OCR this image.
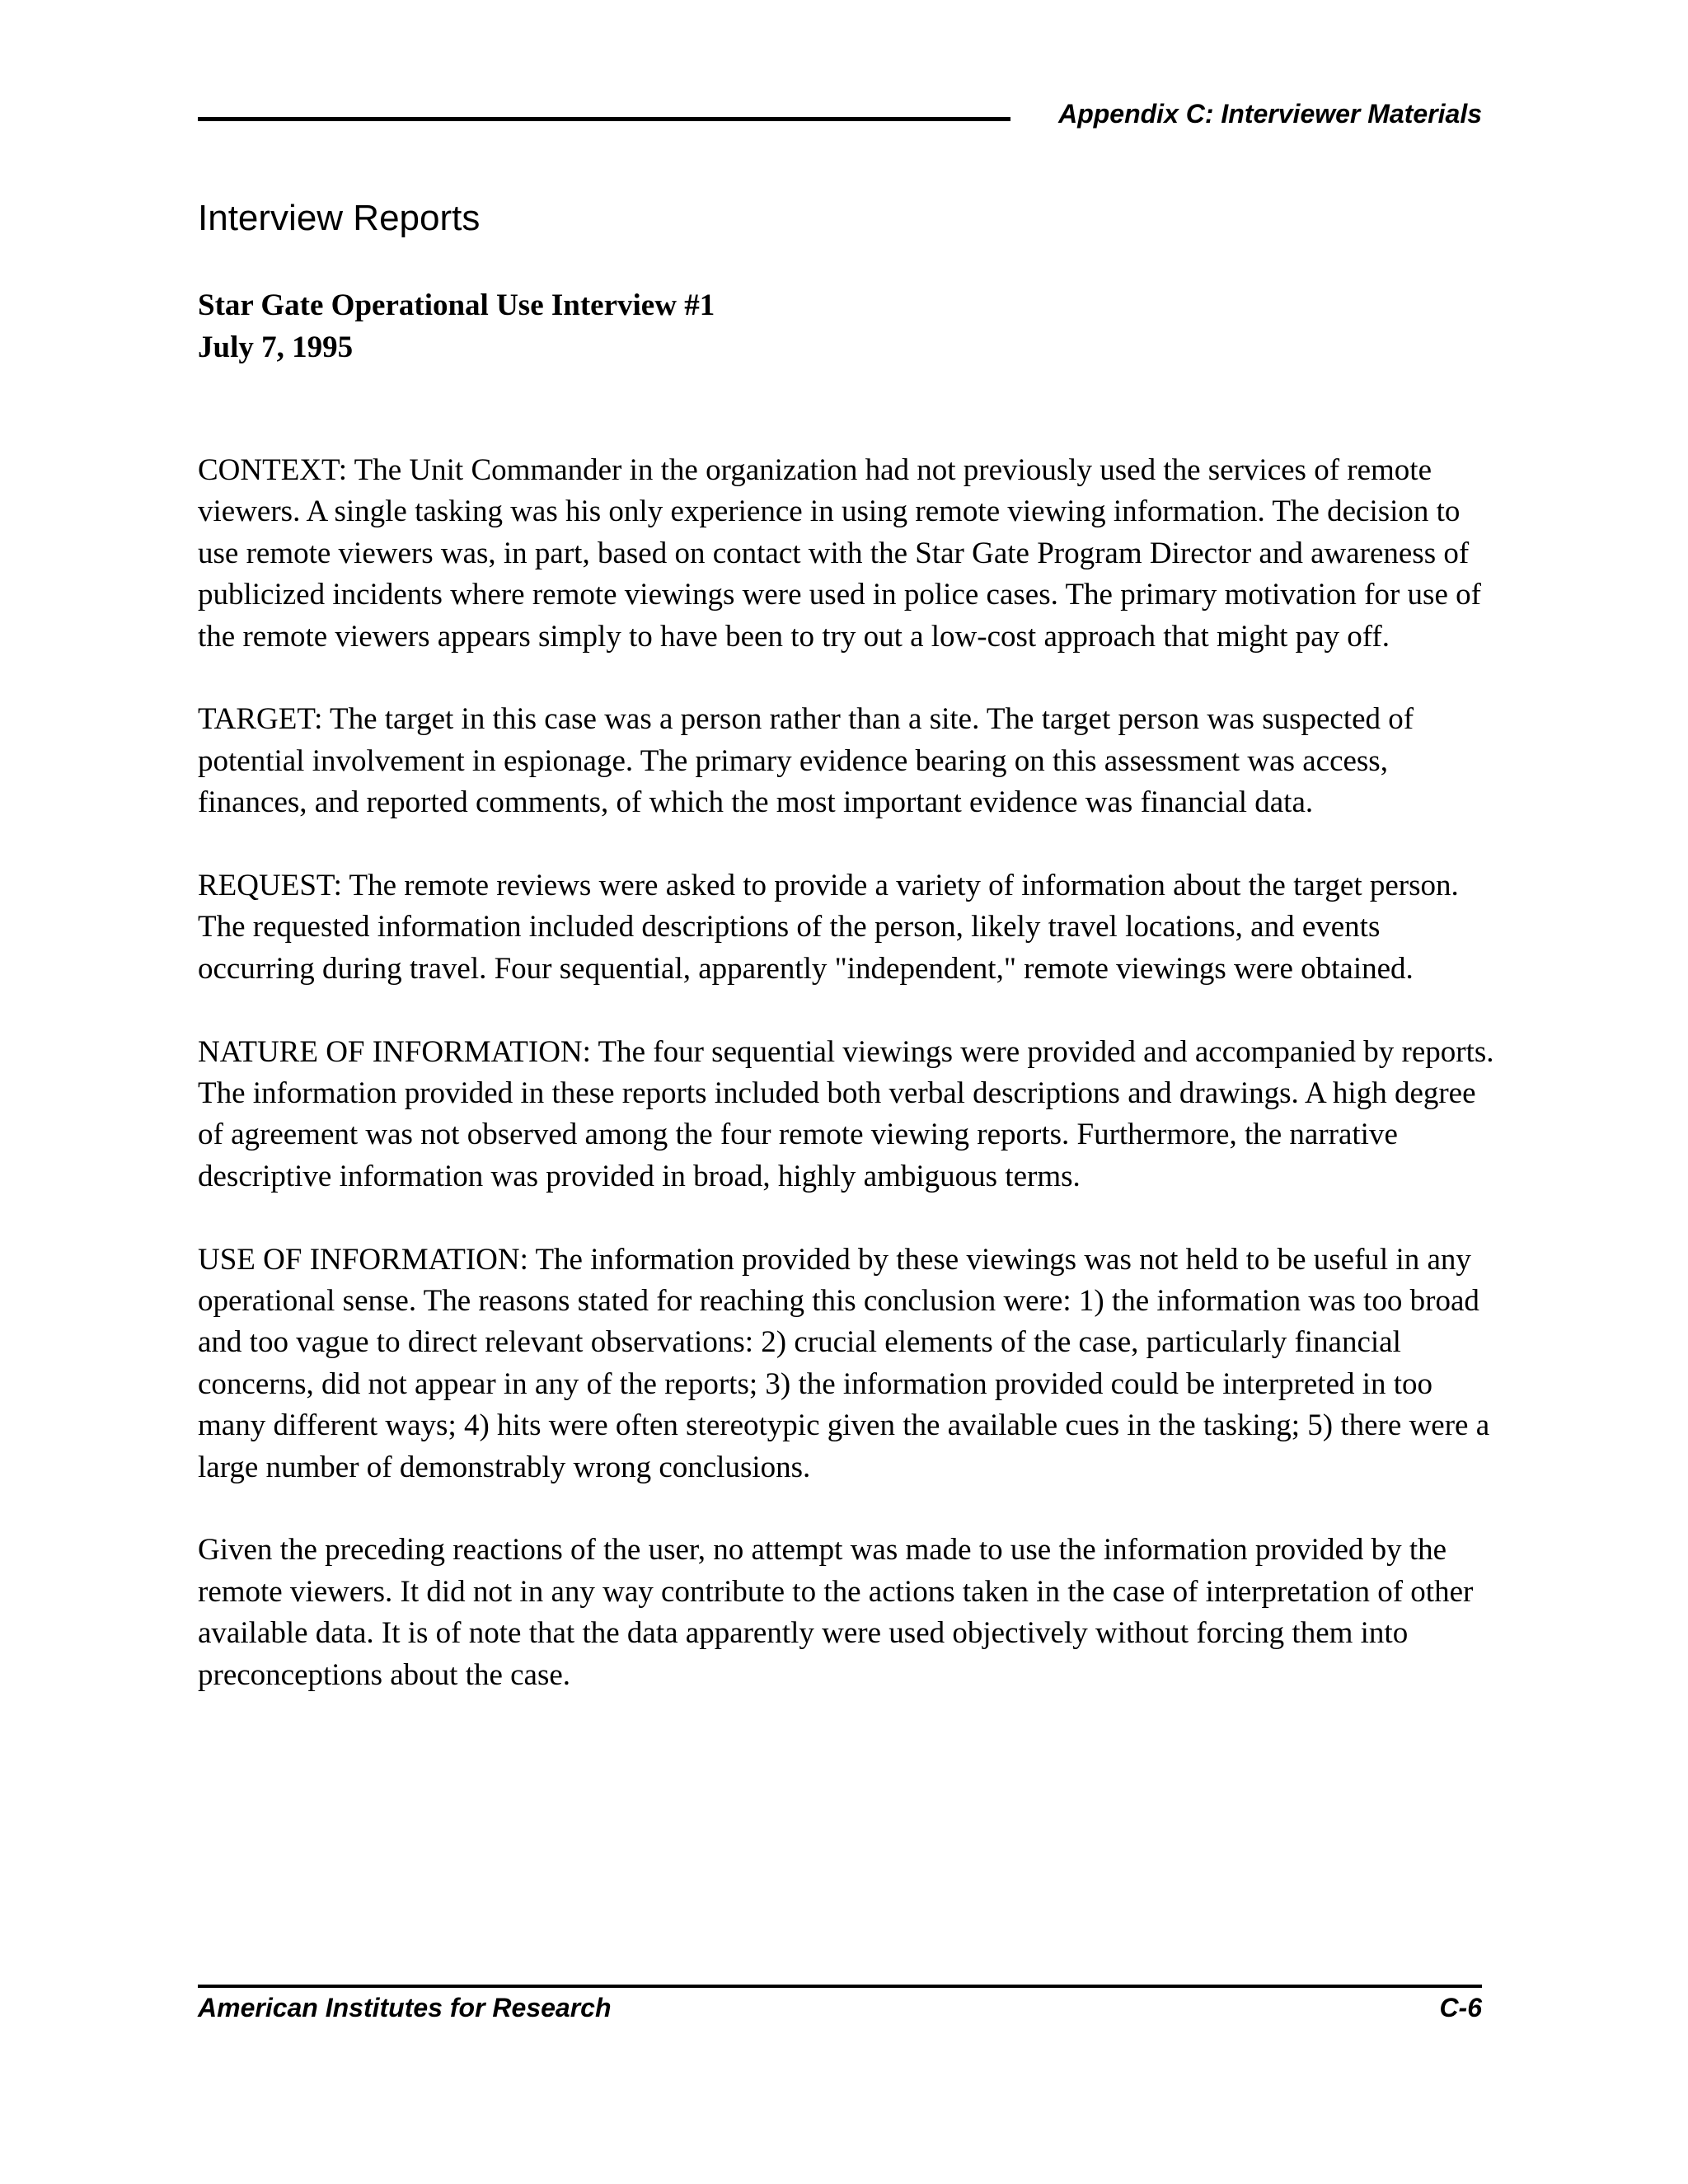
Appendix C: Interviewer Materials
Interview Reports
Star Gate Operational Use Interview #1
July 7, 1995

CONTEXT: The Unit Commander in the organization had not previously used the services of remote viewers. A single tasking was his only experience in using remote viewing information. The decision to use remote viewers was, in part, based on contact with the Star Gate Program Director and awareness of publicized incidents where remote viewings were used in police cases. The primary motivation for use of the remote viewers appears simply to have been to try out a low-cost approach that might pay off.

TARGET: The target in this case was a person rather than a site. The target person was suspected of potential involvement in espionage. The primary evidence bearing on this assessment was access, finances, and reported comments, of which the most important evidence was financial data.

REQUEST: The remote reviews were asked to provide a variety of information about the target person. The requested information included descriptions of the person, likely travel locations, and events occurring during travel. Four sequential, apparently "independent," remote viewings were obtained.

NATURE OF INFORMATION: The four sequential viewings were provided and accompanied by reports. The information provided in these reports included both verbal descriptions and drawings. A high degree of agreement was not observed among the four remote viewing reports. Furthermore, the narrative descriptive information was provided in broad, highly ambiguous terms.

USE OF INFORMATION: The information provided by these viewings was not held to be useful in any operational sense. The reasons stated for reaching this conclusion were: 1) the information was too broad and too vague to direct relevant observations: 2) crucial elements of the case, particularly financial concerns, did not appear in any of the reports; 3) the information provided could be interpreted in too many different ways; 4) hits were often stereotypic given the available cues in the tasking; 5) there were a large number of demonstrably wrong conclusions.

Given the preceding reactions of the user, no attempt was made to use the information provided by the remote viewers. It did not in any way contribute to the actions taken in the case of interpretation of other available data. It is of note that the data apparently were used objectively without forcing them into preconceptions about the case.

American Institutes for Research	C-6
